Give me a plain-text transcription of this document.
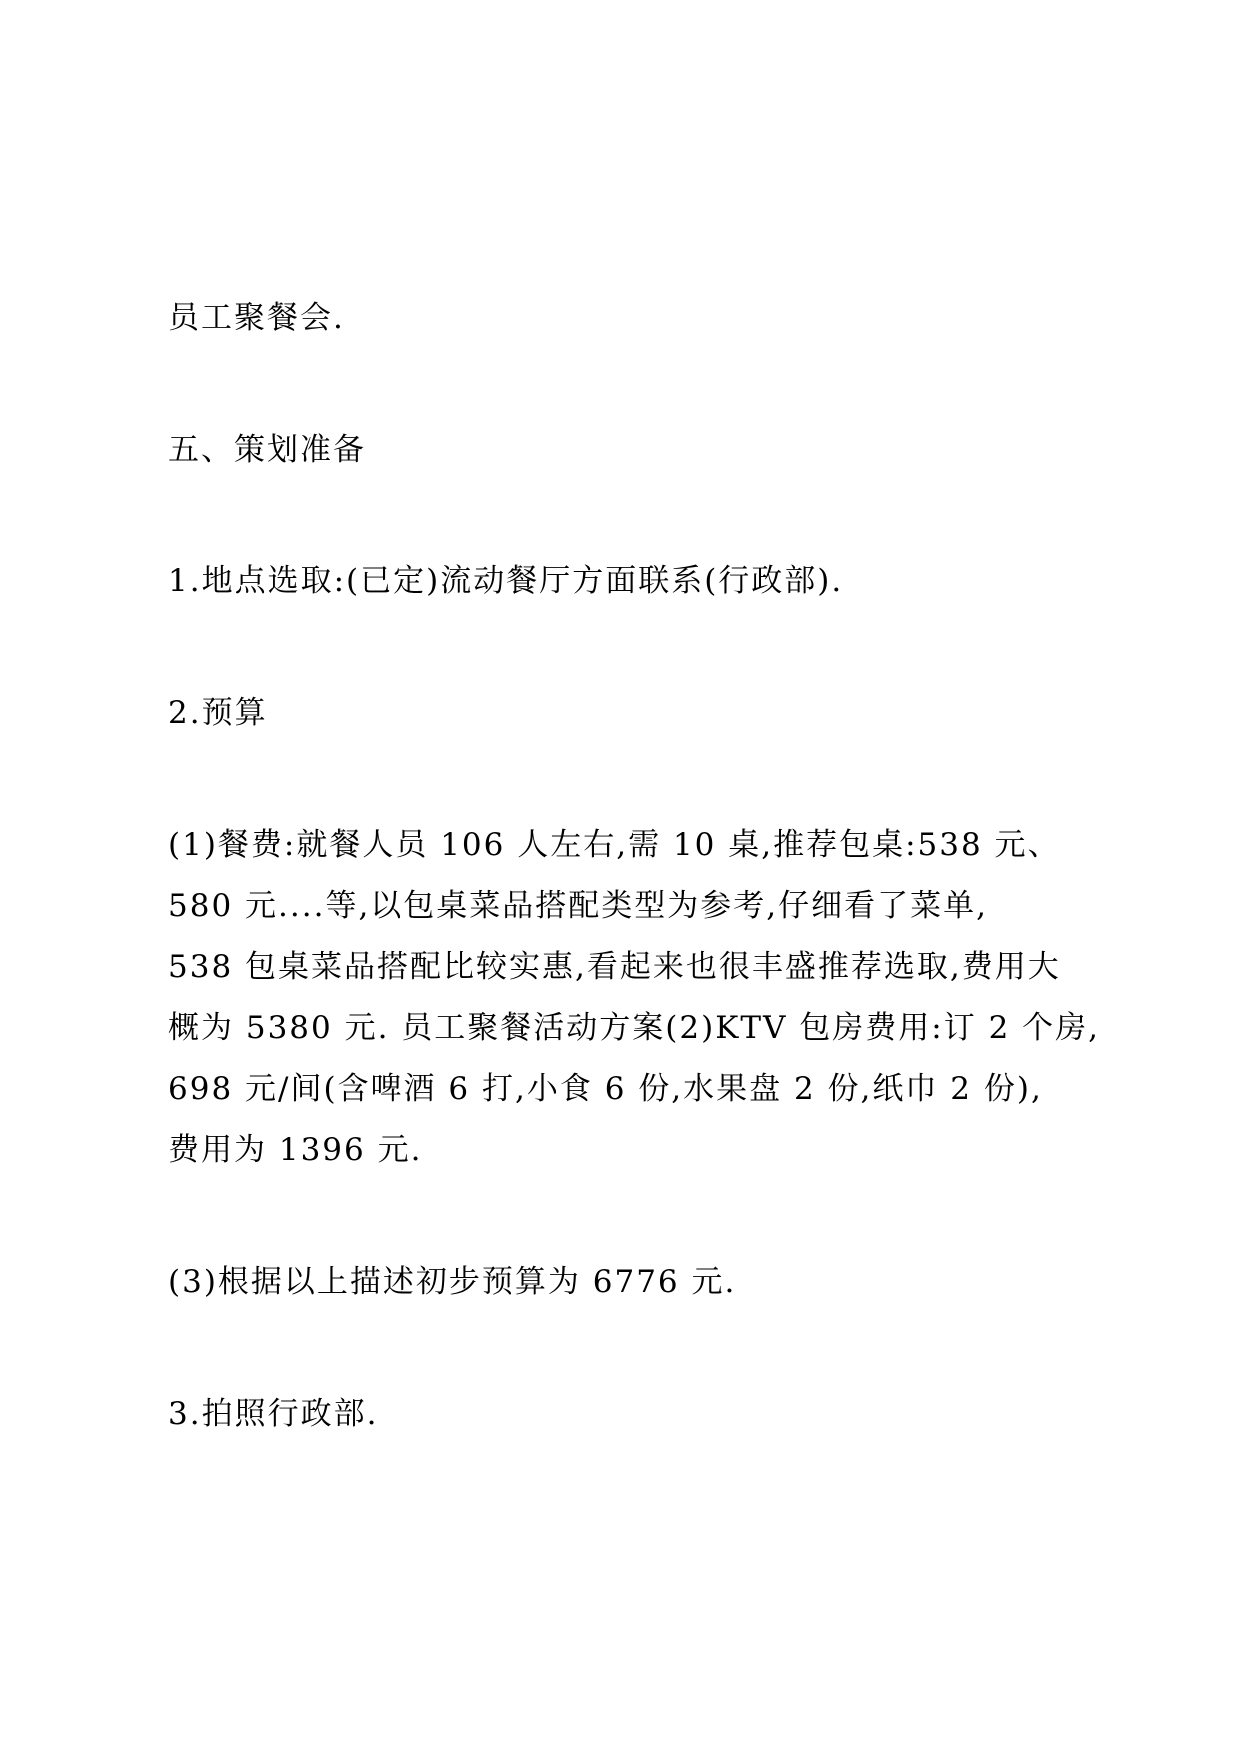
员工聚餐会.
五、策划准备
1.地点选取:(已定)流动餐厅方面联系(行政部).
2.预算
(1)餐费:就餐人员 106 人左右,需 10 桌,推荐包桌:538 元、
580 元....等,以包桌菜品搭配类型为参考,仔细看了菜单,
538 包桌菜品搭配比较实惠,看起来也很丰盛推荐选取,费用大
概为 5380 元. 员工聚餐活动方案(2)KTV 包房费用:订 2 个房,
698 元/间(含啤酒 6 打,小食 6 份,水果盘 2 份,纸巾 2 份),
费用为 1396 元.
(3)根据以上描述初步预算为 6776 元.
3.拍照行政部.
